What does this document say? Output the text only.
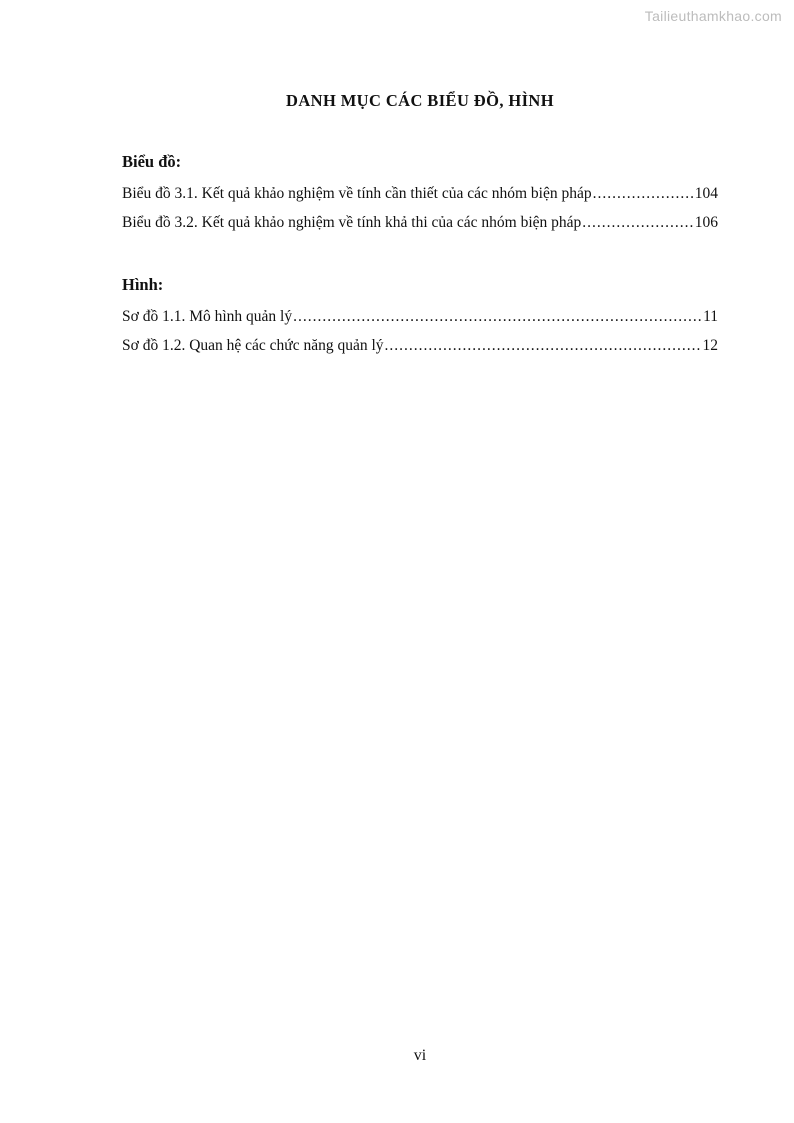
Tailieuthamkhao.com
DANH MỤC CÁC BIỂU ĐỒ, HÌNH
Biểu đồ:
Biểu đồ 3.1. Kết quả khảo nghiệm về tính cần thiết của các nhóm biện pháp .....	104
Biểu đồ 3.2. Kết quả khảo nghiệm về tính khả thi của các nhóm biện pháp .....	106
Hình:
Sơ đồ 1.1. Mô hình quản lý .....	11
Sơ đồ 1.2. Quan hệ các chức năng quản lý .....	12
vi
